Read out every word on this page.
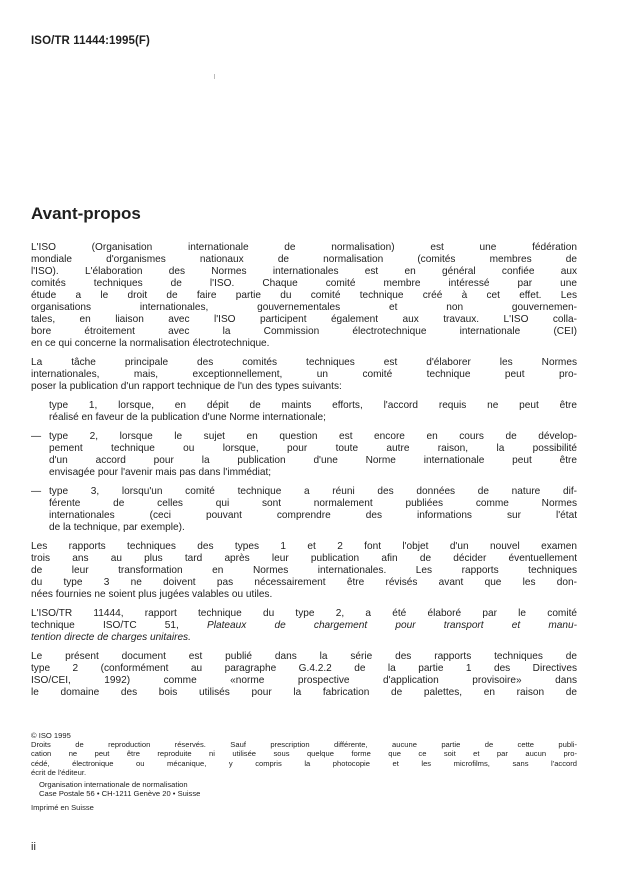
ISO/TR 11444:1995(F)
Avant-propos

L'ISO (Organisation internationale de normalisation) est une fédération
mondiale d'organismes nationaux de normalisation (comités membres de
l'ISO). L'élaboration des Normes internationales est en général confiée aux
comités techniques de l'ISO. Chaque comité membre intéressé par une
étude a le droit de faire partie du comité technique créé à cet effet. Les
organisations internationales, gouvernementales et non gouvernemen-
tales, en liaison avec l'ISO participent également aux travaux. L'ISO colla-
bore étroitement avec la Commission électrotechnique internationale (CEI)
en ce qui concerne la normalisation électrotechnique.

La tâche principale des comités techniques est d'élaborer les Normes
internationales, mais, exceptionnellement, un comité technique peut pro-
poser la publication d'un rapport technique de l'un des types suivants:

type 1, lorsque, en dépit de maints efforts, l'accord requis ne peut être
réalisé en faveur de la publication d'une Norme internationale;
— type 2, lorsque le sujet en question est encore en cours de dévelop-
pement technique ou lorsque, pour toute autre raison, la possibilité
d'un accord pour la publication d'une Norme internationale peut être
envisagée pour l'avenir mais pas dans l'immédiat;
— type 3, lorsqu'un comité technique a réuni des données de nature dif-
férente de celles qui sont normalement publiées comme Normes
internationales (ceci pouvant comprendre des informations sur l'état
de la technique, par exemple).

Les rapports techniques des types 1 et 2 font l'objet d'un nouvel examen
trois ans au plus tard après leur publication afin de décider éventuellement
de leur transformation en Normes internationales. Les rapports techniques
du type 3 ne doivent pas nécessairement être révisés avant que les don-
nées fournies ne soient plus jugées valables ou utiles.

L'ISO/TR 11444, rapport technique du type 2, a été élaboré par le comité
technique ISO/TC 51, Plateaux de chargement pour transport et manu-
tention directe de charges unitaires.

Le présent document est publié dans la série des rapports techniques de
type 2 (conformément au paragraphe G.4.2.2 de la partie 1 des Directives
ISO/CEI, 1992) comme «norme prospective d'application provisoire» dans
le domaine des bois utilisés pour la fabrication de palettes, en raison de

© ISO 1995
Droits de reproduction réservés. Sauf prescription différente, aucune partie de cette publi-
cation ne peut être reproduite ni utilisée sous quelque forme que ce soit et par aucun pro-
cédé, électronique ou mécanique, y compris la photocopie et les microfilms, sans l'accord
écrit de l'éditeur.
Organisation internationale de normalisation
Case Postale 56 • CH-1211 Genève 20 • Suisse
Imprimé en Suisse
ii
